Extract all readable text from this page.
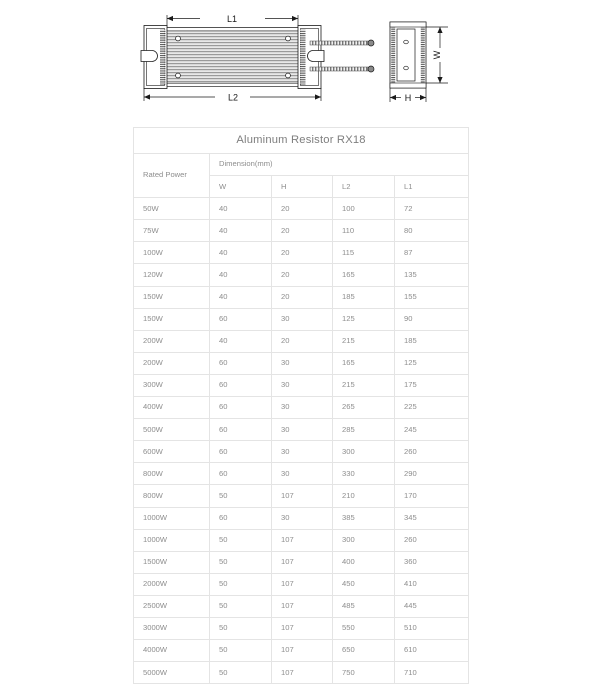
L1
L2
W
H
Aluminum Resistor RX18				
Rated Power	Dimension(mm)			
	W	H	L2	L1
50W	40	20	100	72
75W	40	20	110	80
100W	40	20	115	87
120W	40	20	165	135
150W	40	20	185	155
150W	60	30	125	90
200W	40	20	215	185
200W	60	30	165	125
300W	60	30	215	175
400W	60	30	265	225
500W	60	30	285	245
600W	60	30	300	260
800W	60	30	330	290
800W	50	107	210	170
1000W	60	30	385	345
1000W	50	107	300	260
1500W	50	107	400	360
2000W	50	107	450	410
2500W	50	107	485	445
3000W	50	107	550	510
4000W	50	107	650	610
5000W	50	107	750	710
